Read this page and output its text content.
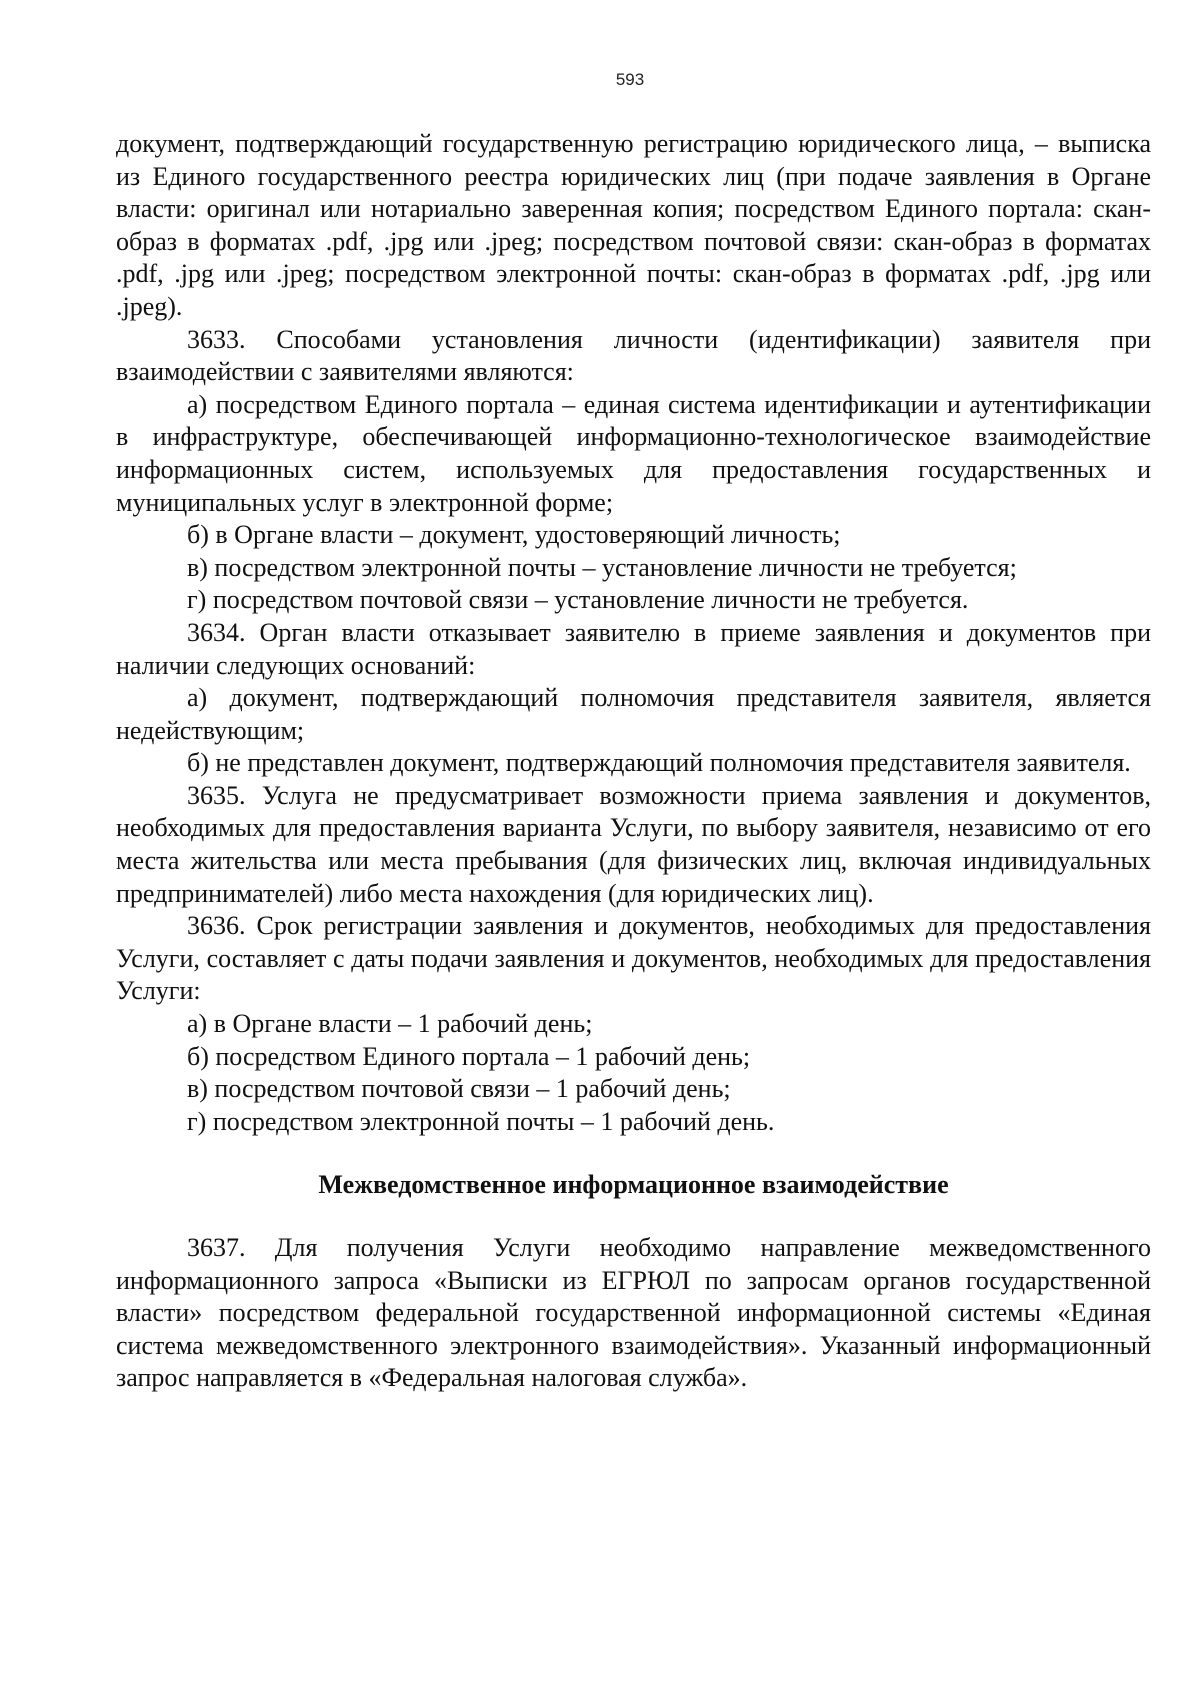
593

документ, подтверждающий государственную регистрацию юридического лица, – выписка из Единого государственного реестра юридических лиц (при подаче заявления в Органе власти: оригинал или нотариально заверенная копия; посредством Единого портала: скан-образ в форматах .pdf, .jpg или .jpeg; посредством почтовой связи: скан-образ в форматах .pdf, .jpg или .jpeg; посредством электронной почты: скан-образ в форматах .pdf, .jpg или .jpeg).

3633. Способами установления личности (идентификации) заявителя при взаимодействии с заявителями являются:

а) посредством Единого портала – единая система идентификации и аутентификации в инфраструктуре, обеспечивающей информационно-технологическое взаимодействие информационных систем, используемых для предоставления государственных и муниципальных услуг в электронной форме;

б) в Органе власти – документ, удостоверяющий личность;

в) посредством электронной почты – установление личности не требуется;

г) посредством почтовой связи – установление личности не требуется.

3634. Орган власти отказывает заявителю в приеме заявления и документов при наличии следующих оснований:

а) документ, подтверждающий полномочия представителя заявителя, является недействующим;

б) не представлен документ, подтверждающий полномочия представителя заявителя.

3635. Услуга не предусматривает возможности приема заявления и документов, необходимых для предоставления варианта Услуги, по выбору заявителя, независимо от его места жительства или места пребывания (для физических лиц, включая индивидуальных предпринимателей) либо места нахождения (для юридических лиц).

3636. Срок регистрации заявления и документов, необходимых для предоставления Услуги, составляет с даты подачи заявления и документов, необходимых для предоставления Услуги:

а) в Органе власти – 1 рабочий день;

б) посредством Единого портала – 1 рабочий день;

в) посредством почтовой связи – 1 рабочий день;

г) посредством электронной почты – 1 рабочий день.

Межведомственное информационное взаимодействие

3637. Для получения Услуги необходимо направление межведомственного информационного запроса «Выписки из ЕГРЮЛ по запросам органов государственной власти» посредством федеральной государственной информационной системы «Единая система межведомственного электронного взаимодействия». Указанный информационный запрос направляется в «Федеральная налоговая служба».
